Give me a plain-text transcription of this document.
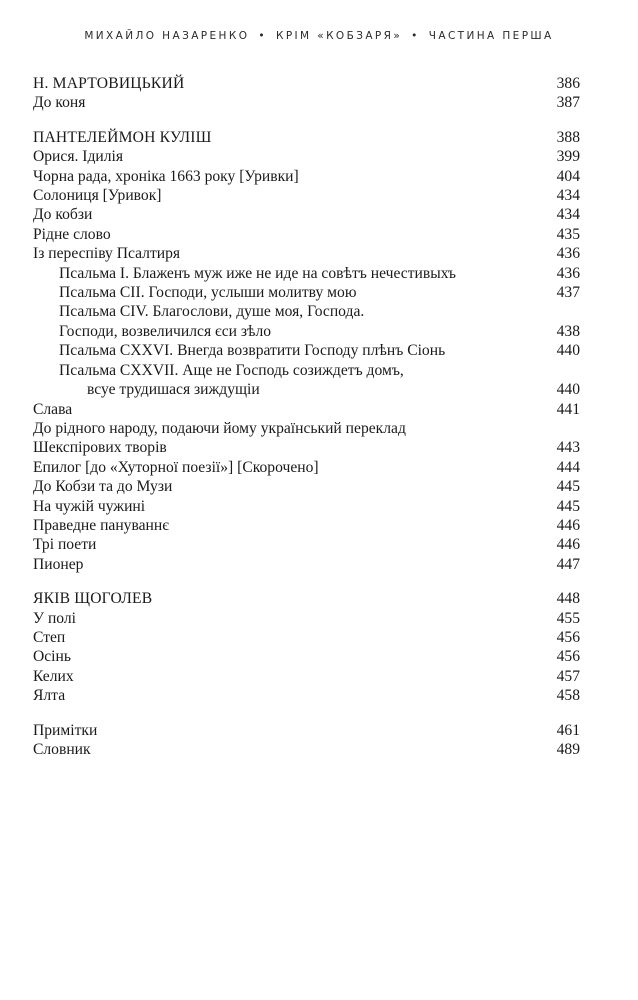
МИХАЙЛО НАЗАРЕНКО • КРІМ «КОБЗАРЯ» • ЧАСТИНА ПЕРША
Н. МАРТОВИЦЬКИЙ	386
До коня	387
ПАНТЕЛЕЙМОН КУЛІШ	388
Орися. Ідилія	399
Чорна рада, хроніка 1663 року [Уривки]	404
Солониця [Уривок]	434
До кобзи	434
Рідне слово	435
Із переспіву Псалтиря	436
Псальма І. Блаженъ муж иже не иде на совѣтъ нечестивыхъ	436
Псальма CII. Господи, услыши молитву мою	437
Псальма CIV. Благослови, душе моя, Господа.
Господи, возвеличился єси зѣло	438
Псальма CXXVI. Внегда возвратити Господу плѣнъ Сіонь	440
Псальма CXXVII. Аще не Господь созиждетъ домъ,
всуе трудишася зиждущіи	440
Слава	441
До рідного народу, подаючи йому український переклад
Шекспірових творів	443
Епилог [до «Хуторної поезії»] [Скорочено]	444
До Кобзи та до Музи	445
На чужій чужині	445
Праведне пануваннє	446
Трі поети	446
Пионер	447
ЯКІВ ЩОГОЛЕВ	448
У полі	455
Степ	456
Осінь	456
Келих	457
Ялта	458
Примітки	461
Словник	489
